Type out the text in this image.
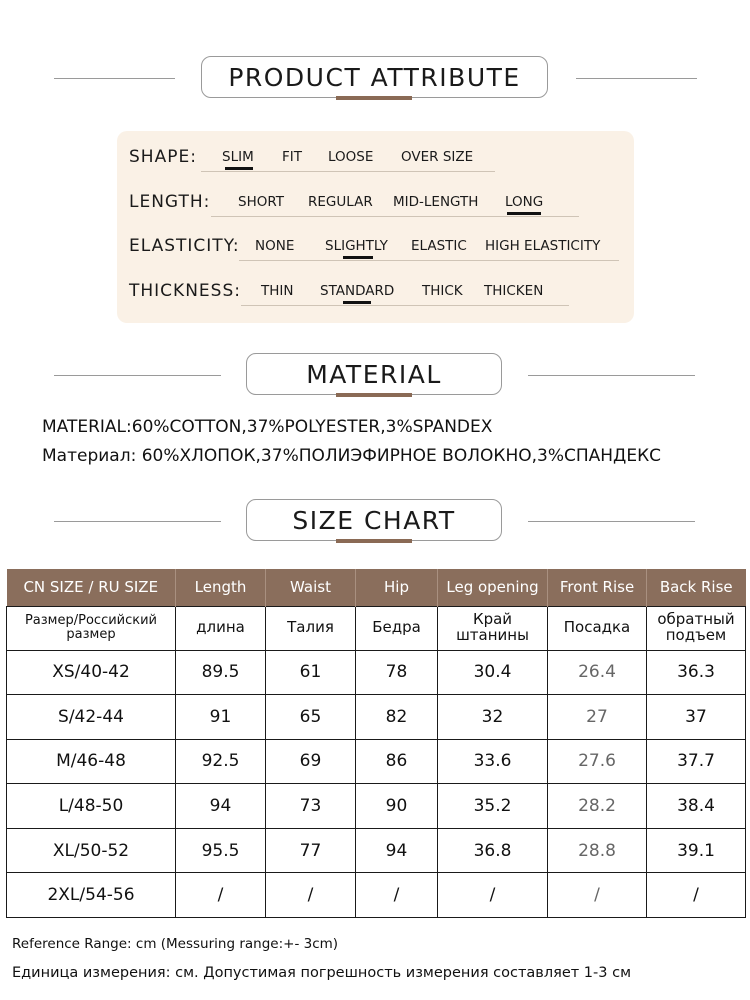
PRODUCT ATTRIBUTE
SHAPE: SLIM FIT LOOSE OVER SIZE
LENGTH: SHORT REGULAR MID-LENGTH LONG
ELASTICITY: NONE SLIGHTLY ELASTIC HIGH ELASTICITY
THICKNESS: THIN STANDARD THICK THICKEN
MATERIAL
MATERIAL:60%COTTON,37%POLYESTER,3%SPANDEX
Материал: 60%ХЛОПОК,37%ПОЛИЭФИРНОЕ ВОЛОКНО,3%СПАНДЕКС
SIZE CHART
CN SIZE / RU SIZE	Length	Waist	Hip	Leg opening	Front Rise	Back Rise
Размер/Российский размер	длина	Талия	Бедра	Край штанины	Посадка	обратный подъем
XS/40-42	89.5	61	78	30.4	26.4	36.3
S/42-44	91	65	82	32	27	37
M/46-48	92.5	69	86	33.6	27.6	37.7
L/48-50	94	73	90	35.2	28.2	38.4
XL/50-52	95.5	77	94	36.8	28.8	39.1
2XL/54-56	/	/	/	/	/	/
Reference Range: cm (Messuring range:+- 3cm)
Единица измерения: см. Допустимая погрешность измерения составляет 1-3 см
